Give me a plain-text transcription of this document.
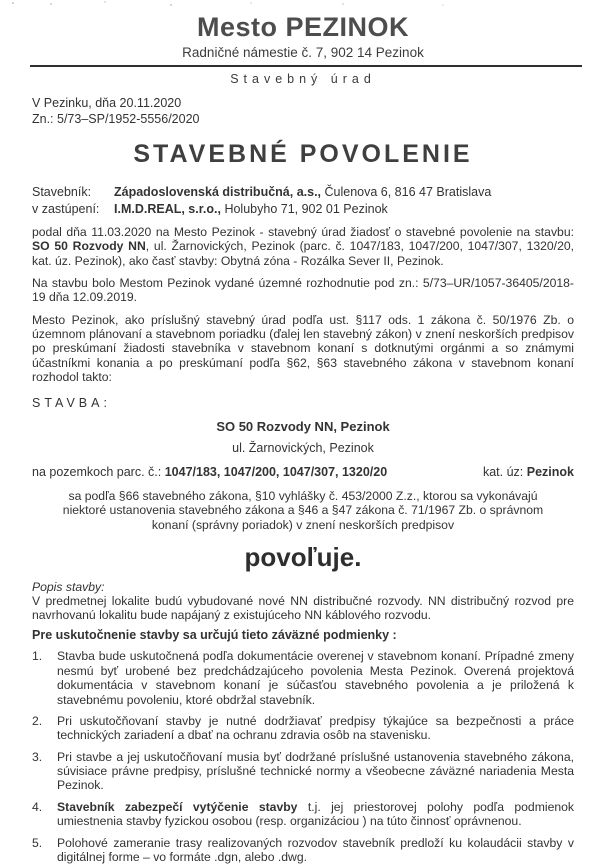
Mesto PEZINOK
Radničné námestie č. 7, 902 14 Pezinok
Stavebný úrad
V Pezinku, dňa 20.11.2020
Zn.: 5/73–SP/1952-5556/2020
STAVEBNÉ POVOLENIE
Stavebník:	Západoslovenská distribučná, a.s., Čulenova 6, 816 47 Bratislava
v zastúpení:	I.M.D.REAL, s.r.o., Holubyho 71, 902 01 Pezinok
podal dňa 11.03.2020 na Mesto Pezinok - stavebný úrad žiadosť o stavebné povolenie na stavbu: SO 50 Rozvody NN, ul. Žarnovických, Pezinok (parc. č. 1047/183, 1047/200, 1047/307, 1320/20, kat. úz. Pezinok), ako časť stavby: Obytná zóna - Rozálka Sever II, Pezinok.
Na stavbu bolo Mestom Pezinok vydané územné rozhodnutie pod zn.: 5/73–UR/1057-36405/2018-19 dňa 12.09.2019.
Mesto Pezinok, ako príslušný stavebný úrad podľa ust. §117 ods. 1 zákona č. 50/1976 Zb. o územnom plánovaní a stavebnom poriadku (ďalej len stavebný zákon) v znení neskorších predpisov po preskúmaní žiadosti stavebníka v stavebnom konaní s dotknutými orgánmi a so známymi účastníkmi konania a po preskúmaní podľa §62, §63 stavebného zákona v stavebnom konaní rozhodol takto:
STAVBA:
SO 50 Rozvody NN, Pezinok
ul. Žarnovických, Pezinok
na pozemkoch parc. č.: 1047/183, 1047/200, 1047/307, 1320/20	kat. úz: Pezinok
sa podľa §66 stavebného zákona, §10 vyhlášky č. 453/2000 Z.z., ktorou sa vykonávajú niektoré ustanovenia stavebného zákona a §46 a §47 zákona č. 71/1967 Zb. o správnom konaní (správny poriadok) v znení neskorších predpisov
povoľuje.
Popis stavby:
V predmetnej lokalite budú vybudované nové NN distribučné rozvody. NN distribučný rozvod pre navrhovanú lokalitu bude napájaný z existujúceho NN káblového rozvodu.
Pre uskutočnenie stavby sa určujú tieto záväzné podmienky :
1.	Stavba bude uskutočnená podľa dokumentácie overenej v stavebnom konaní. Prípadné zmeny nesmú byť urobené bez predchádzajúceho povolenia Mesta Pezinok. Overená projektová dokumentácia v stavebnom konaní je súčasťou stavebného povolenia a je priložená k stavebnému povoleniu, ktoré obdržal stavebník.
2.	Pri uskutočňovaní stavby je nutné dodržiavať predpisy týkajúce sa bezpečnosti a práce technických zariadení a dbať na ochranu zdravia osôb na stavenisku.
3.	Pri stavbe a jej uskutočňovaní musia byť dodržané príslušné ustanovenia stavebného zákona, súvisiace právne predpisy, príslušné technické normy a všeobecne záväzné nariadenia Mesta Pezinok.
4.	Stavebník zabezpečí vytýčenie stavby t.j. jej priestorovej polohy podľa podmienok umiestnenia stavby fyzickou osobou (resp. organizáciou ) na túto činnosť oprávnenou.
5.	Polohové zameranie trasy realizovaných rozvodov stavebník predloží ku kolaudácii stavby v digitálnej forme – vo formáte .dgn, alebo .dwg.
